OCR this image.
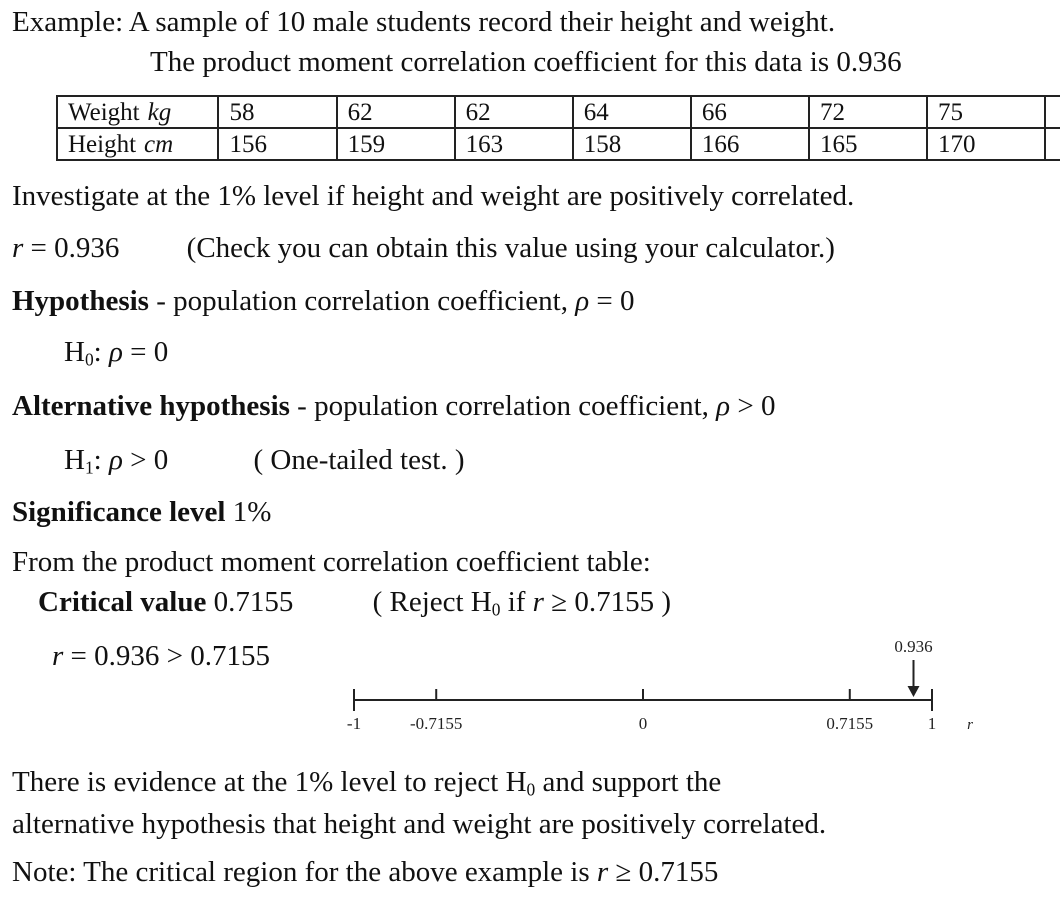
Example: A sample of 10 male students record their height and weight.
The product moment correlation coefficient for this data is 0.936
Weight kg	58	62	62	64	66	72	75	
Height cm	156	159	163	158	166	165	170	
Investigate at the 1% level if height and weight are positively correlated.
r = 0.936 (Check you can obtain this value using your calculator.)
Hypothesis - population correlation coefficient, ρ = 0
$H_0$: ρ = 0
Alternative hypothesis - population correlation coefficient, ρ > 0
$H_1$: ρ > 0	( One-tailed test. )
Significance level 1%
From the product moment correlation coefficient table:
Critical value 0.7155	( Reject $H_0$ if r ≥ 0.7155 )
r = 0.936 > 0.7155
-1	-0.7155	0	0.7155	1
0.936
r
There is evidence at the 1% level to reject $H_0$ and support the
alternative hypothesis that height and weight are positively correlated.
Note: The critical region for the above example is r ≥ 0.7155
